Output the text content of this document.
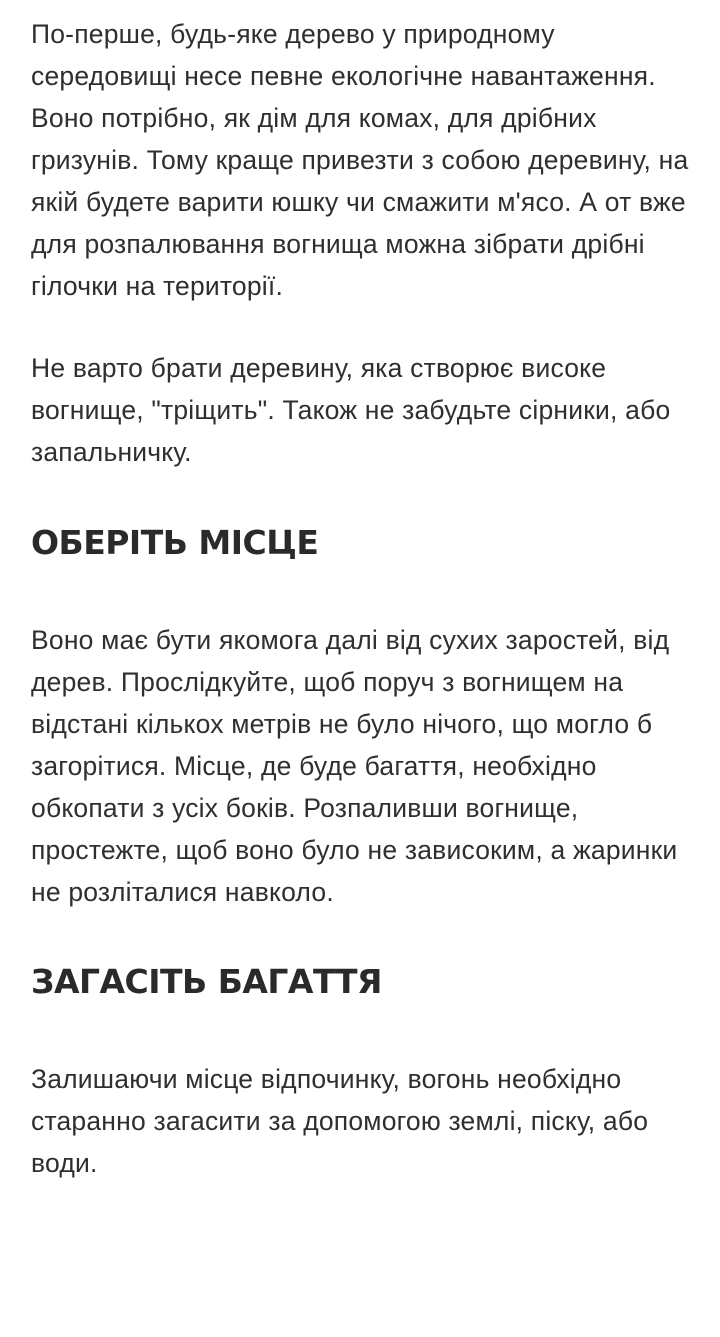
По-перше, будь-яке дерево у природному середовищі несе певне екологічне навантаження. Воно потрібно, як дім для комах, для дрібних гризунів. Тому краще привезти з собою деревину, на якій будете варити юшку чи смажити м'ясо. А от вже для розпалювання вогнища можна зібрати дрібні гілочки на території.

Не варто брати деревину, яка створює високе вогнище, "тріщить". Також не забудьте сірники, або запальничку.

ОБЕРІТЬ МІСЦЕ

Воно має бути якомога далі від сухих заростей, від дерев. Прослідкуйте, щоб поруч з вогнищем на відстані кількох метрів не було нічого, що могло б загорітися. Місце, де буде багаття, необхідно обкопати з усіх боків. Розпаливши вогнище, простежте, щоб воно було не зависоким, а жаринки не розліталися навколо.

ЗАГАСІТЬ БАГАТТЯ

Залишаючи місце відпочинку, вогонь необхідно старанно загасити за допомогою землі, піску, або води.
